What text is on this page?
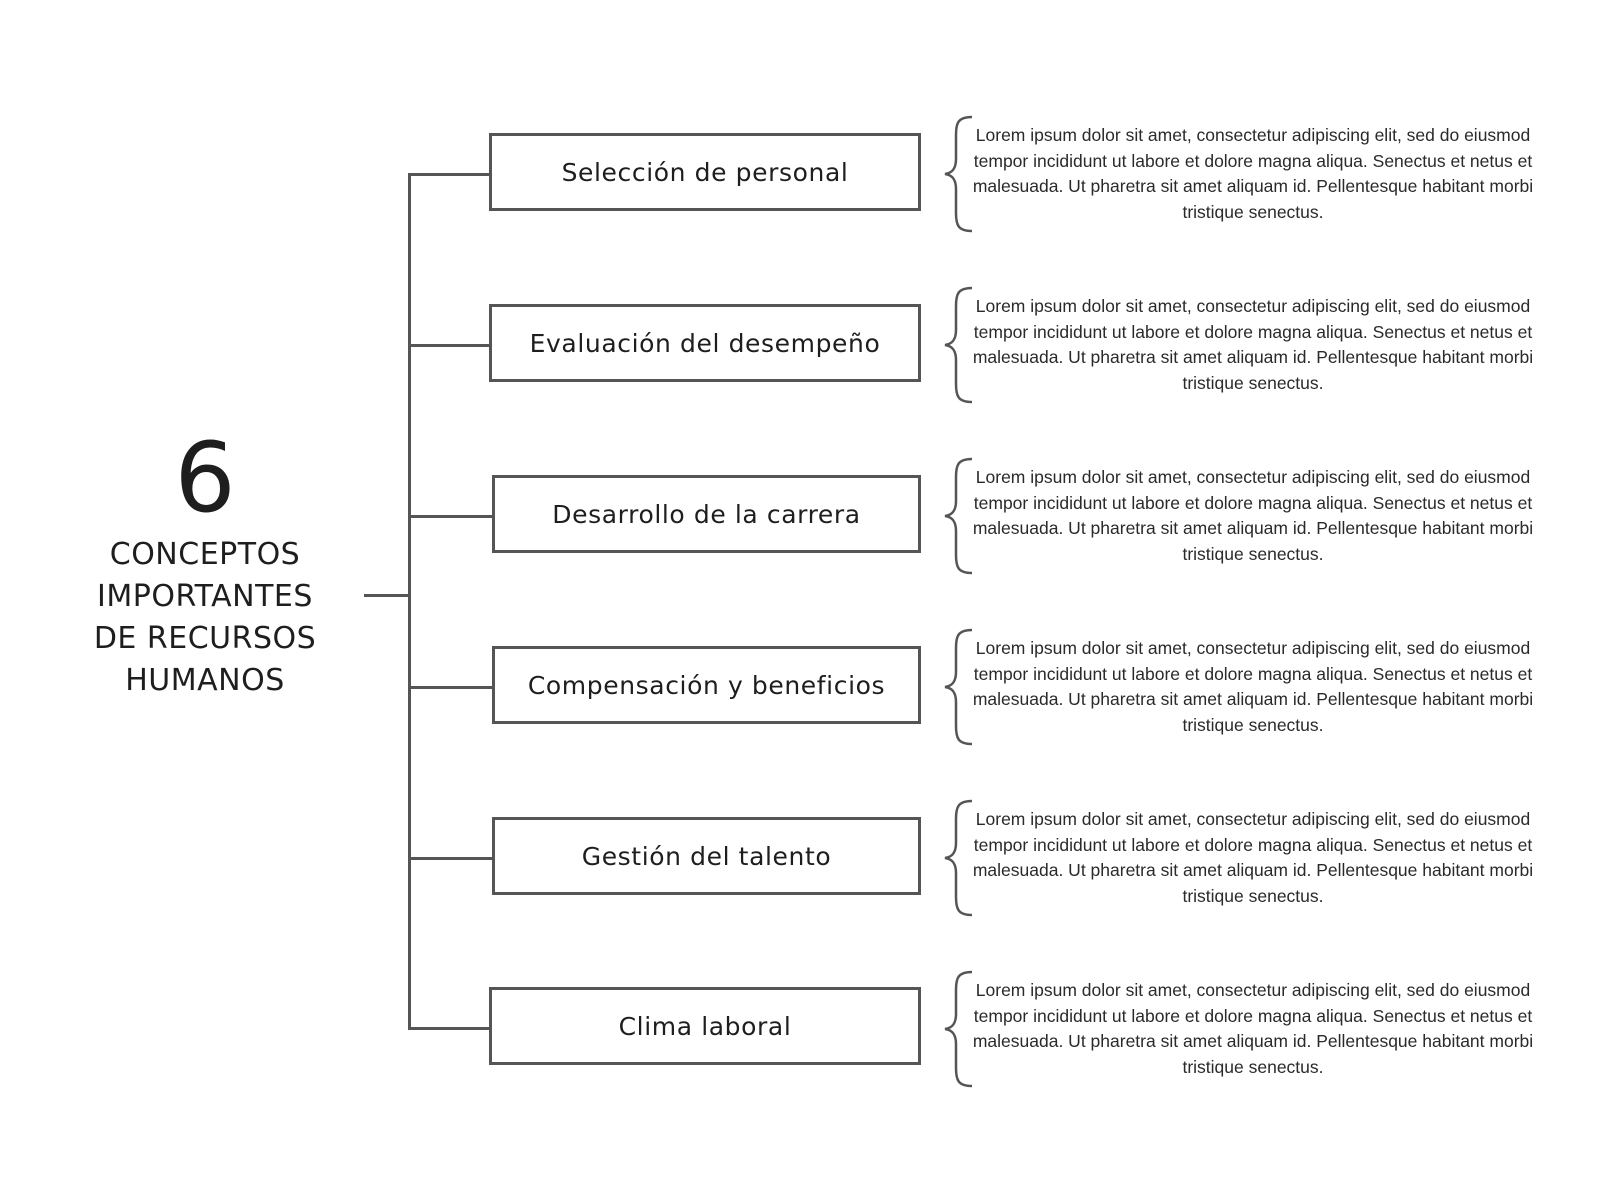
6
CONCEPTOS
IMPORTANTES
DE RECURSOS
HUMANOS
Selección de personal
Evaluación del desempeño
Desarrollo de la carrera
Compensación y beneficios
Gestión del talento
Clima laboral
Lorem ipsum dolor sit amet, consectetur adipiscing elit, sed do eiusmod tempor incididunt ut labore et dolore magna aliqua. Senectus et netus et malesuada. Ut pharetra sit amet aliquam id. Pellentesque habitant morbi tristique senectus.
Lorem ipsum dolor sit amet, consectetur adipiscing elit, sed do eiusmod tempor incididunt ut labore et dolore magna aliqua. Senectus et netus et malesuada. Ut pharetra sit amet aliquam id. Pellentesque habitant morbi tristique senectus.
Lorem ipsum dolor sit amet, consectetur adipiscing elit, sed do eiusmod tempor incididunt ut labore et dolore magna aliqua. Senectus et netus et malesuada. Ut pharetra sit amet aliquam id. Pellentesque habitant morbi tristique senectus.
Lorem ipsum dolor sit amet, consectetur adipiscing elit, sed do eiusmod tempor incididunt ut labore et dolore magna aliqua. Senectus et netus et malesuada. Ut pharetra sit amet aliquam id. Pellentesque habitant morbi tristique senectus.
Lorem ipsum dolor sit amet, consectetur adipiscing elit, sed do eiusmod tempor incididunt ut labore et dolore magna aliqua. Senectus et netus et malesuada. Ut pharetra sit amet aliquam id. Pellentesque habitant morbi tristique senectus.
Lorem ipsum dolor sit amet, consectetur adipiscing elit, sed do eiusmod tempor incididunt ut labore et dolore magna aliqua. Senectus et netus et malesuada. Ut pharetra sit amet aliquam id. Pellentesque habitant morbi tristique senectus.
